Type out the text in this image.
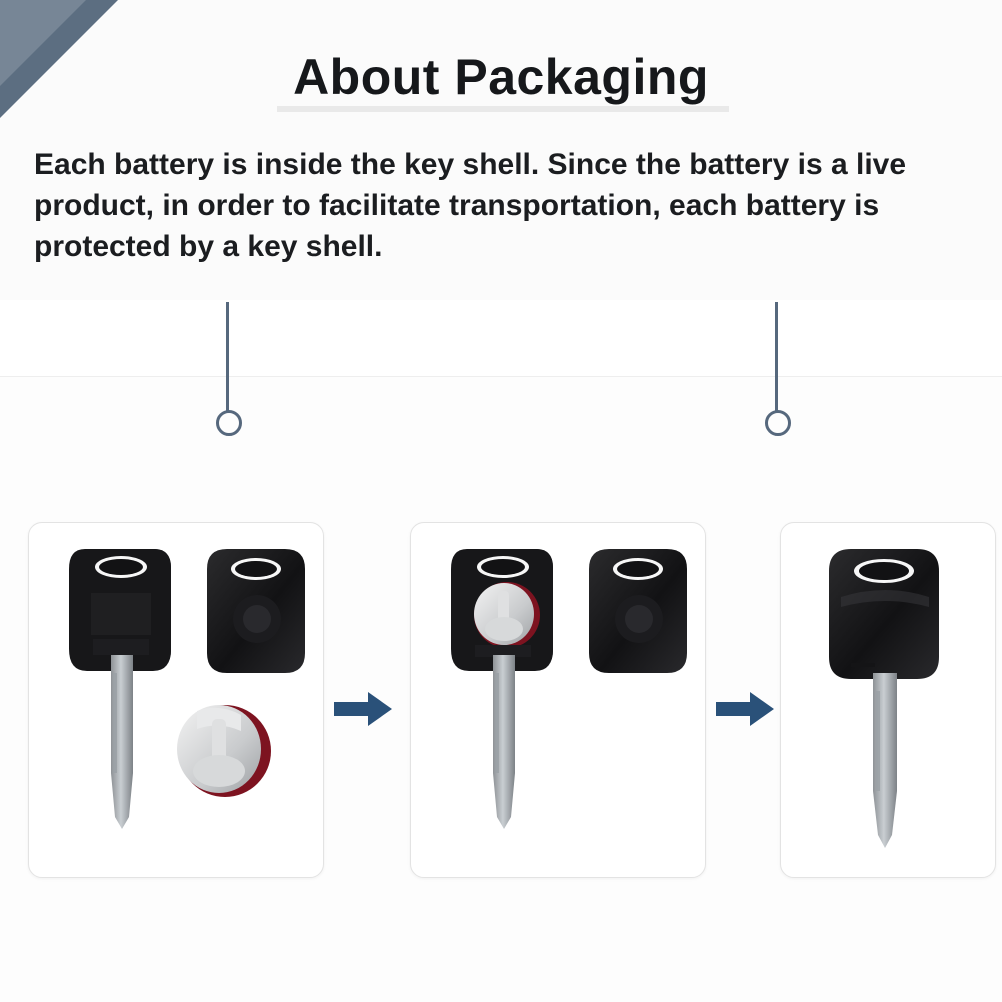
About Packaging
Each battery is inside the key shell. Since the battery is a live product, in order to facilitate transportation, each battery is protected by a key shell.
